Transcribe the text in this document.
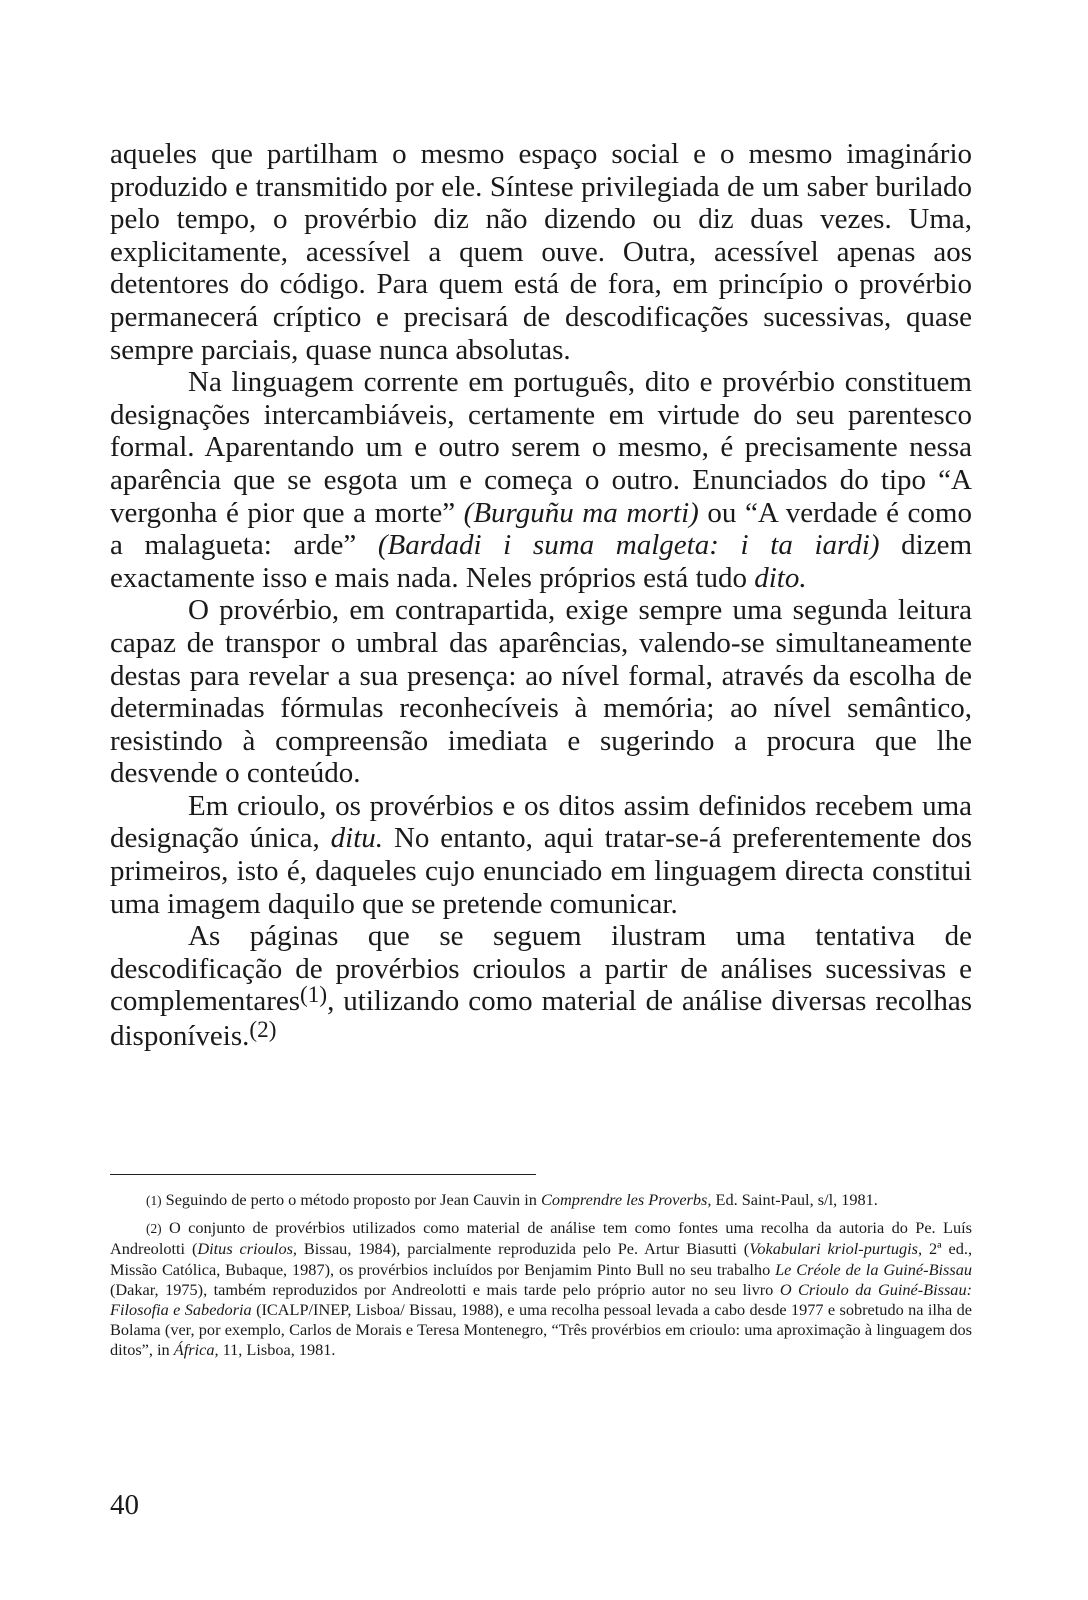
aqueles que partilham o mesmo espaço social e o mesmo imaginário produzido e transmitido por ele. Síntese privilegiada de um saber burilado pelo tempo, o provérbio diz não dizendo ou diz duas vezes. Uma, explicitamente, acessível a quem ouve. Outra, acessível apenas aos detentores do código. Para quem está de fora, em princípio o provérbio permanecerá críptico e precisará de descodificações sucessivas, quase sempre parciais, quase nunca absolutas.

Na linguagem corrente em português, dito e provérbio constituem designações intercambiáveis, certamente em virtude do seu parentesco formal. Aparentando um e outro serem o mesmo, é precisamente nessa aparência que se esgota um e começa o outro. Enunciados do tipo “A vergonha é pior que a morte” (Burguñu ma morti) ou “A verdade é como a malagueta: arde” (Bardadi i suma malgeta: i ta iardi) dizem exactamente isso e mais nada. Neles próprios está tudo dito.

O provérbio, em contrapartida, exige sempre uma segunda leitura capaz de transpor o umbral das aparências, valendo-se simultaneamente destas para revelar a sua presença: ao nível formal, através da escolha de determinadas fórmulas reconhecíveis à memória; ao nível semântico, resistindo à compreensão imediata e sugerindo a procura que lhe desvende o conteúdo.

Em crioulo, os provérbios e os ditos assim definidos recebem uma designação única, ditu. No entanto, aqui tratar-se-á preferentemente dos primeiros, isto é, daqueles cujo enunciado em linguagem directa constitui uma imagem daquilo que se pretende comunicar.

As páginas que se seguem ilustram uma tentativa de descodificação de provérbios crioulos a partir de análises sucessivas e complementares$^{(1)}$, utilizando como material de análise diversas recolhas disponíveis.$^{(2)}$

(1) Seguindo de perto o método proposto por Jean Cauvin in Comprendre les Proverbs, Ed. Saint-Paul, s/l, 1981.

(2) O conjunto de provérbios utilizados como material de análise tem como fontes uma recolha da autoria do Pe. Luís Andreolotti (Ditus crioulos, Bissau, 1984), parcialmente reproduzida pelo Pe. Artur Biasutti (Vokabulari kriol-purtugis, 2ª ed., Missão Católica, Bubaque, 1987), os provérbios incluídos por Benjamim Pinto Bull no seu trabalho Le Créole de la Guiné-Bissau (Dakar, 1975), também reproduzidos por Andreolotti e mais tarde pelo próprio autor no seu livro O Crioulo da Guiné-Bissau: Filosofia e Sabedoria (ICALP/INEP, Lisboa/ Bissau, 1988), e uma recolha pessoal levada a cabo desde 1977 e sobretudo na ilha de Bolama (ver, por exemplo, Carlos de Morais e Teresa Montenegro, “Três provérbios em crioulo: uma aproximação à linguagem dos ditos”, in África, 11, Lisboa, 1981.

40
